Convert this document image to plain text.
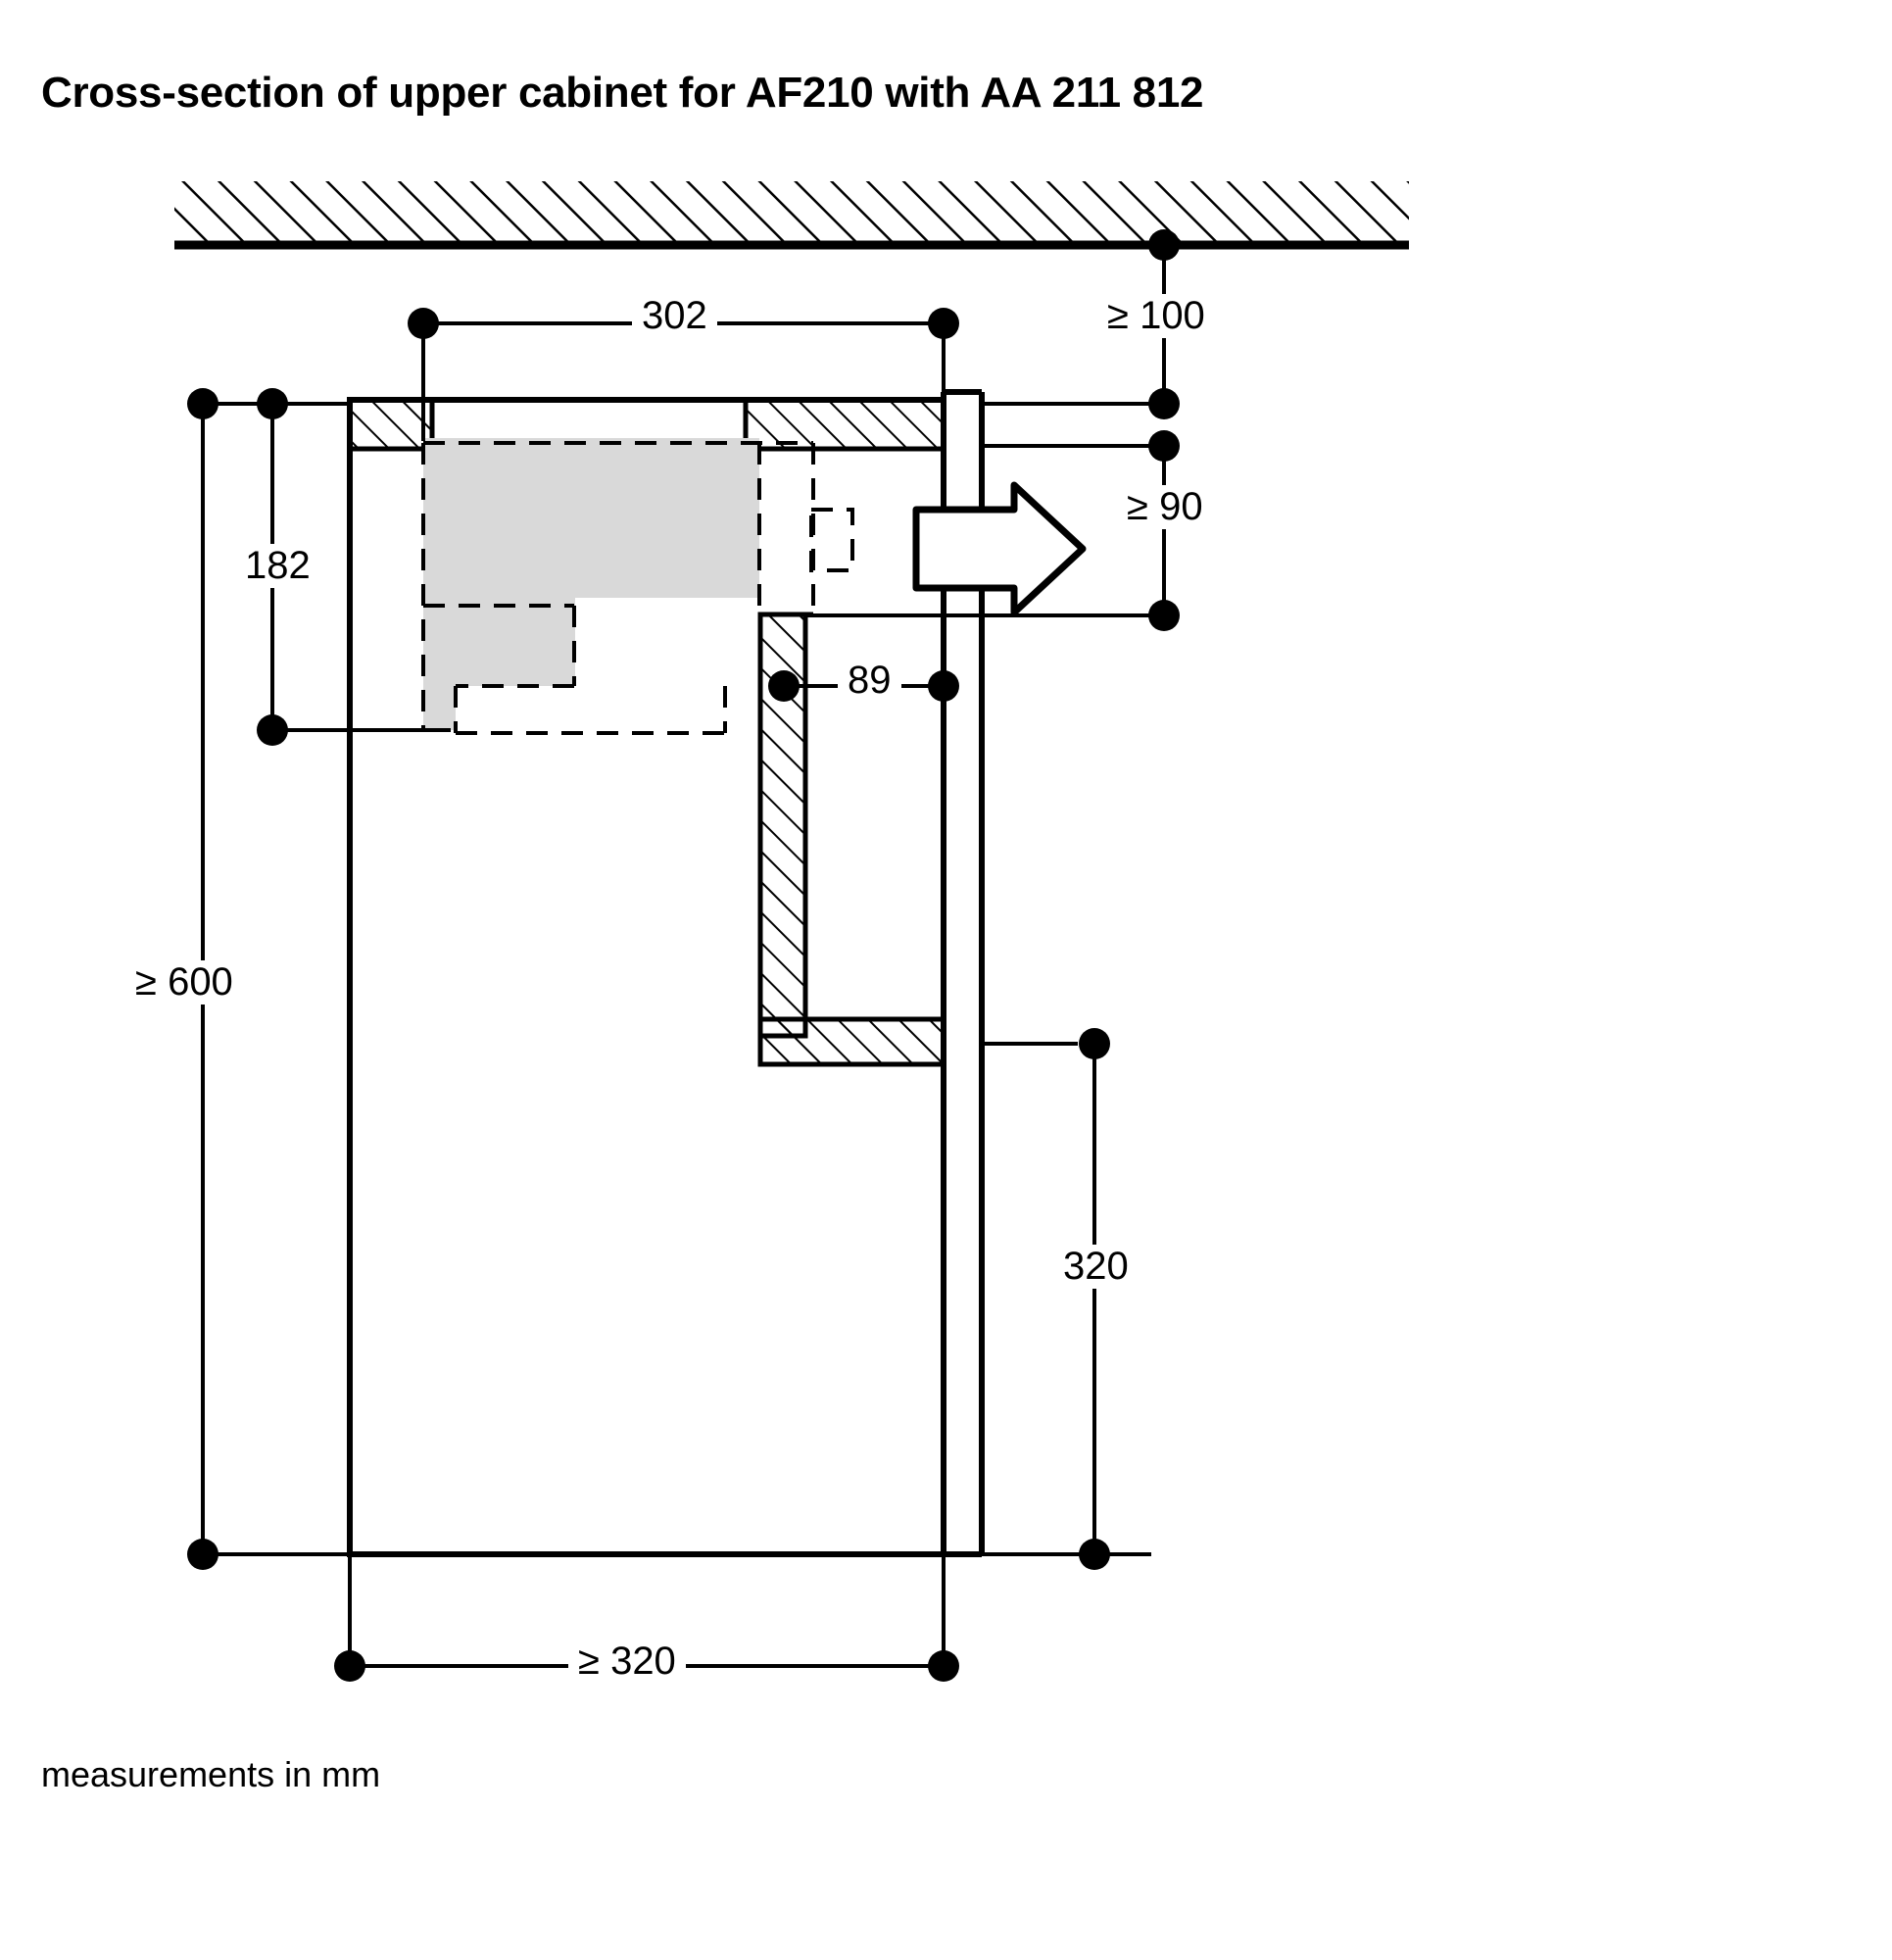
Cross-section of upper cabinet for AF210 with AA 211 812
302	≥ 100
182
≥ 90
89
≥ 600
320
≥ 320
measurements in mm
